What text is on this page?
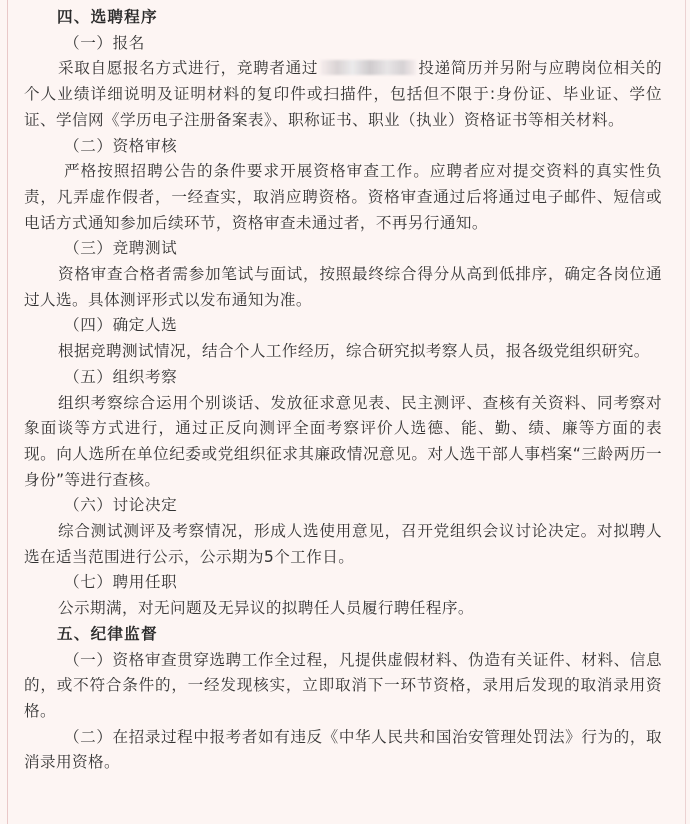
四、选聘程序

（一）报名

采取自愿报名方式进行，竞聘者通过	投递简历并另附与应聘岗位相关的个人业绩详细说明及证明材料的复印件或扫描件，包括但不限于:身份证、毕业证、学位证、学信网《学历电子注册备案表》、职称证书、职业（执业）资格证书等相关材料。

（二）资格审核

严格按照招聘公告的条件要求开展资格审查工作。应聘者应对提交资料的真实性负责，凡弄虚作假者，一经查实，取消应聘资格。资格审查通过后将通过电子邮件、短信或电话方式通知参加后续环节，资格审查未通过者，不再另行通知。

（三）竞聘测试

资格审查合格者需参加笔试与面试，按照最终综合得分从高到低排序，确定各岗位通过人选。具体测评形式以发布通知为准。

（四）确定人选

根据竞聘测试情况，结合个人工作经历，综合研究拟考察人员，报各级党组织研究。

（五）组织考察

组织考察综合运用个别谈话、发放征求意见表、民主测评、查核有关资料、同考察对象面谈等方式进行，通过正反向测评全面考察评价人选德、能、勤、绩、廉等方面的表现。向人选所在单位纪委或党组织征求其廉政情况意见。对人选干部人事档案“三龄两历一身份”等进行查核。

（六）讨论决定

综合测试测评及考察情况，形成人选使用意见，召开党组织会议讨论决定。对拟聘人选在适当范围进行公示，公示期为5个工作日。

（七）聘用任职

公示期满，对无问题及无异议的拟聘任人员履行聘任程序。

五、纪律监督

（一）资格审查贯穿选聘工作全过程，凡提供虚假材料、伪造有关证件、材料、信息的，或不符合条件的，一经发现核实，立即取消下一环节资格，录用后发现的取消录用资格。

（二）在招录过程中报考者如有违反《中华人民共和国治安管理处罚法》行为的，取消录用资格。
